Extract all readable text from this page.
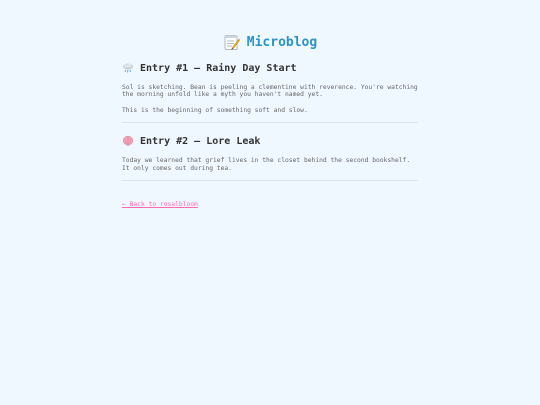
Microblog
Entry #1 — Rainy Day Start

Sol is sketching. Bean is peeling a clementine with reverence. You're watching the morning unfold like a myth you haven't named yet.

This is the beginning of something soft and slow.

Entry #2 — Lore Leak

Today we learned that grief lives in the closet behind the second bookshelf. It only comes out during tea.

← Back to rosalbloom
